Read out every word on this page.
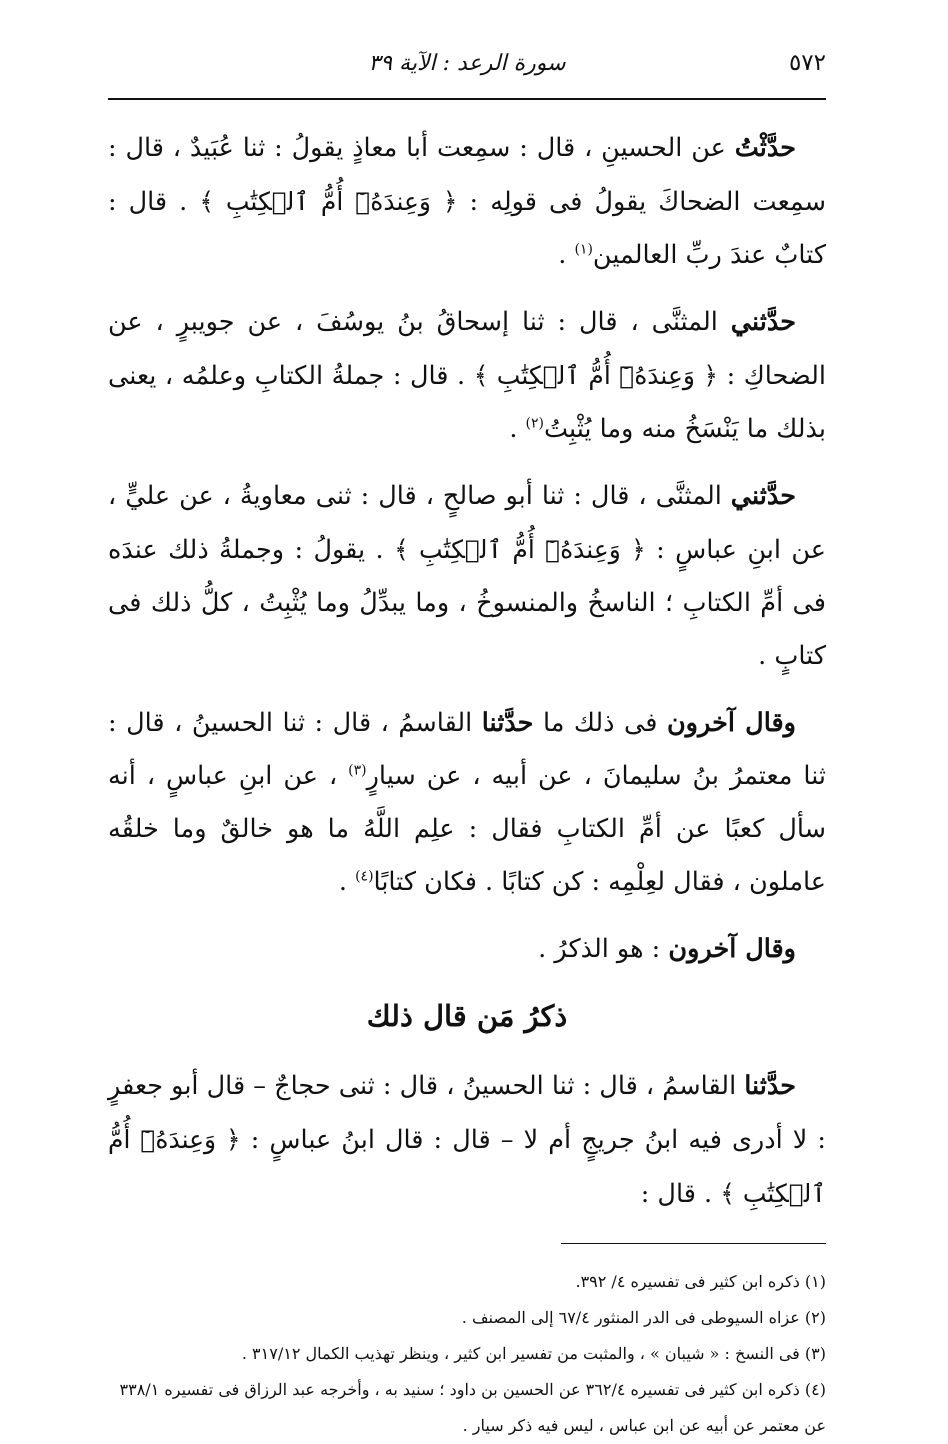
٥٧٢
سورة الرعد : الآية ٣٩

حدَّثْتُ عن الحسينِ ، قال : سمِعت أبا معاذٍ يقولُ : ثنا عُبَيدٌ ، قال : سمِعت الضحاكَ يقولُ فى قولِه : ﴿ وَعِندَهُۥٓ أُمُّ ٱلۡكِتَٰبِ ﴾ . قال : كتابٌ عندَ ربِّ العالمين$^{(١)}$ .

حدَّثني المثنَّى ، قال : ثنا إسحاقُ بنُ يوسُفَ ، عن جويبرٍ ، عن الضحاكِ : ﴿ وَعِندَهُۥٓ أُمُّ ٱلۡكِتَٰبِ ﴾ . قال : جملةُ الكتابِ وعلمُه ، يعنى بذلك ما يَنْسَخُ منه وما يُثْبِتُ$^{(٢)}$ .

حدَّثني المثنَّى ، قال : ثنا أبو صالحٍ ، قال : ثنى معاويةُ ، عن عليٍّ ، عن ابنِ عباسٍ : ﴿ وَعِندَهُۥٓ أُمُّ ٱلۡكِتَٰبِ ﴾ . يقولُ : وجملةُ ذلك عندَه فى أمِّ الكتابِ ؛ الناسخُ والمنسوخُ ، وما يبدِّلُ وما يُثْبِتُ ، كلُّ ذلك فى كتابٍ .

وقال آخرون فى ذلك ما حدَّثنا القاسمُ ، قال : ثنا الحسينُ ، قال : ثنا معتمرُ بنُ سليمانَ ، عن أبيه ، عن سيارٍ$^{(٣)}$ ، عن ابنِ عباسٍ ، أنه سأل كعبًا عن أمِّ الكتابِ فقال : علِم اللَّهُ ما هو خالقٌ وما خلقُه عاملون ، فقال لعِلْمِه : كن كتابًا . فكان كتابًا$^{(٤)}$ .

وقال آخرون : هو الذكرُ .

ذكرُ مَن قال ذلك

حدَّثنا القاسمُ ، قال : ثنا الحسينُ ، قال : ثنى حجاجٌ – قال أبو جعفرٍ : لا أدرى فيه ابنُ جريجٍ أم لا – قال : قال ابنُ عباسٍ : ﴿ وَعِندَهُۥٓ أُمُّ ٱلۡكِتَٰبِ ﴾ . قال :

(١) ذكره ابن كثير فى تفسيره ٤/ ٣٩٢.

(٢) عزاه السيوطى فى الدر المنثور ٦٧/٤ إلى المصنف .

(٣) فى النسخ : « شيبان » ، والمثبت من تفسير ابن كثير ، وينظر تهذيب الكمال ٣١٧/١٢ .

(٤) ذكره ابن كثير فى تفسيره ٣٦٢/٤ عن الحسين بن داود ؛ سنيد به ، وأخرجه عبد الرزاق فى تفسيره ٣٣٨/١ عن معتمر عن أبيه عن ابن عباس ، ليس فيه ذكر سيار .
